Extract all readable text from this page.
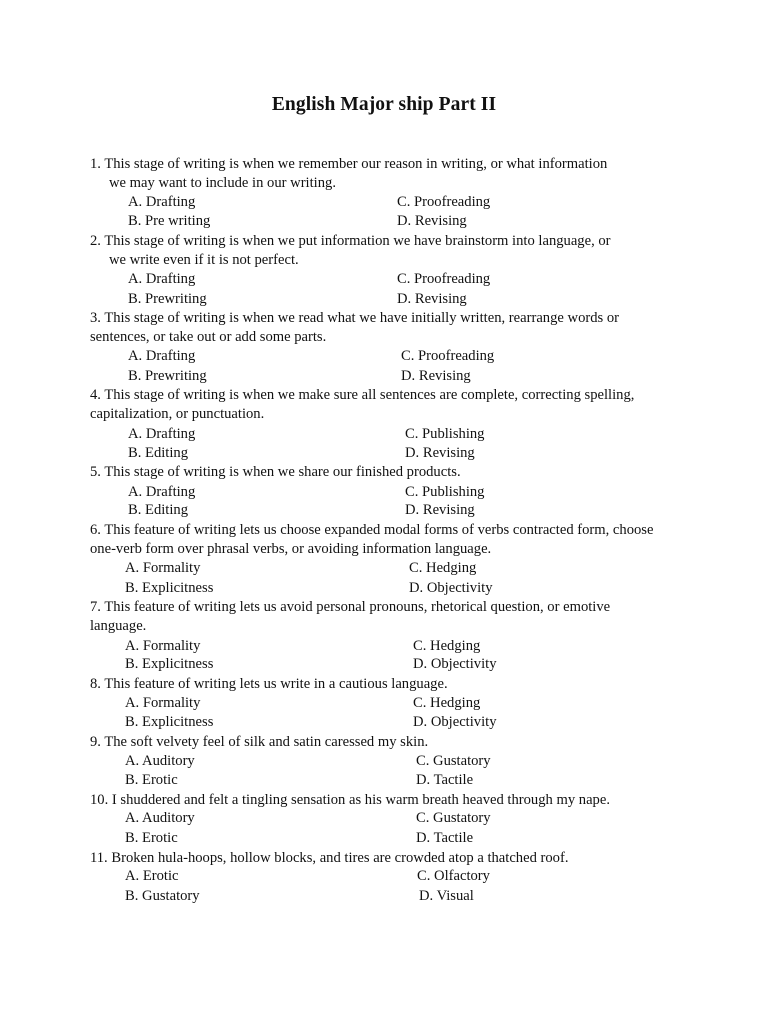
English Major ship Part II
1. This stage of writing is when we remember our reason in writing, or what information
we may want to include in our writing.
A. Drafting
B. Pre writing
C. Proofreading
D. Revising
2. This stage of writing is when we put information we have brainstorm into language, or
we write even if it is not perfect.
A. Drafting
B. Prewriting
C. Proofreading
D. Revising
3. This stage of writing is when we read what we have initially written, rearrange words or
sentences, or take out or add some parts.
A. Drafting
B. Prewriting
C. Proofreading
D. Revising
4. This stage of writing is when we make sure all sentences are complete, correcting spelling,
capitalization, or punctuation.
A. Drafting
B. Editing
C. Publishing
D. Revising
5. This stage of writing is when we share our finished products.
A. Drafting
B. Editing
C. Publishing
D. Revising
6. This feature of writing lets us choose expanded modal forms of verbs contracted form, choose
one-verb form over phrasal verbs, or avoiding information language.
A. Formality
B. Explicitness
C. Hedging
D. Objectivity
7. This feature of writing lets us avoid personal pronouns, rhetorical question, or emotive
language.
A. Formality
B. Explicitness
C. Hedging
D. Objectivity
8. This feature of writing lets us write in a cautious language.
A. Formality
B. Explicitness
C. Hedging
D. Objectivity
9. The soft velvety feel of silk and satin caressed my skin.
A. Auditory
B. Erotic
C. Gustatory
D. Tactile
10. I shuddered and felt a tingling sensation as his warm breath heaved through my nape.
A. Auditory
B. Erotic
C. Gustatory
D. Tactile
11. Broken hula-hoops, hollow blocks, and tires are crowded atop a thatched roof.
A. Erotic
B. Gustatory
C. Olfactory
D. Visual
